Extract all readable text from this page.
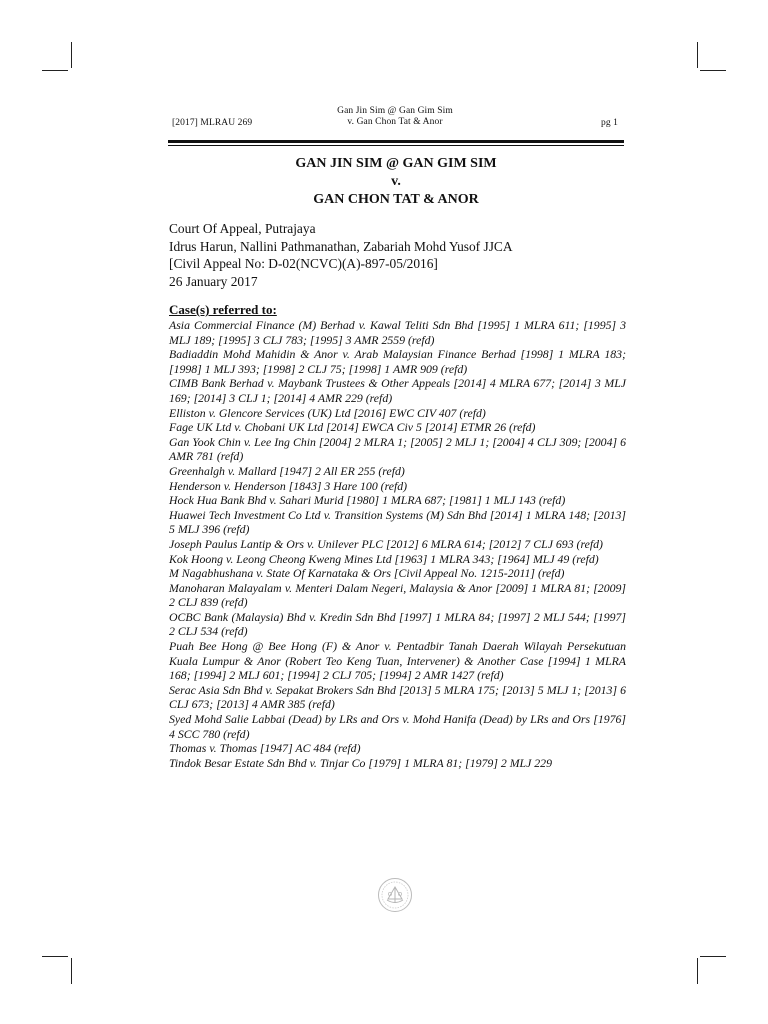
[2017] MLRAU 269
Gan Jin Sim @ Gan Gim Sim
v. Gan Chon Tat & Anor	pg 1
GAN JIN SIM @ GAN GIM SIM
v.
GAN CHON TAT & ANOR
Court Of Appeal, Putrajaya
Idrus Harun, Nallini Pathmanathan, Zabariah Mohd Yusof JJCA
[Civil Appeal No: D-02(NCVC)(A)-897-05/2016]
26 January 2017
Case(s) referred to:
Asia Commercial Finance (M) Berhad v. Kawal Teliti Sdn Bhd [1995] 1 MLRA 611; [1995] 3 MLJ 189; [1995] 3 CLJ 783; [1995] 3 AMR 2559 (refd)
Badiaddin Mohd Mahidin & Anor v. Arab Malaysian Finance Berhad [1998] 1 MLRA 183; [1998] 1 MLJ 393; [1998] 2 CLJ 75; [1998] 1 AMR 909 (refd)
CIMB Bank Berhad v. Maybank Trustees & Other Appeals [2014] 4 MLRA 677; [2014] 3 MLJ 169; [2014] 3 CLJ 1; [2014] 4 AMR 229 (refd)
Elliston v. Glencore Services (UK) Ltd [2016] EWC CIV 407 (refd)
Fage UK Ltd v. Chobani UK Ltd [2014] EWCA Civ 5 [2014] ETMR 26 (refd)
Gan Yook Chin v. Lee Ing Chin [2004] 2 MLRA 1; [2005] 2 MLJ 1; [2004] 4 CLJ 309; [2004] 6 AMR 781 (refd)
Greenhalgh v. Mallard [1947] 2 All ER 255 (refd)
Henderson v. Henderson [1843] 3 Hare 100 (refd)
Hock Hua Bank Bhd v. Sahari Murid [1980] 1 MLRA 687; [1981] 1 MLJ 143 (refd)
Huawei Tech Investment Co Ltd v. Transition Systems (M) Sdn Bhd [2014] 1 MLRA 148; [2013] 5 MLJ 396 (refd)
Joseph Paulus Lantip & Ors v. Unilever PLC [2012] 6 MLRA 614; [2012] 7 CLJ 693 (refd)
Kok Hoong v. Leong Cheong Kweng Mines Ltd [1963] 1 MLRA 343; [1964] MLJ 49 (refd)
M Nagabhushana v. State Of Karnataka & Ors [Civil Appeal No. 1215-2011] (refd)
Manoharan Malayalam v. Menteri Dalam Negeri, Malaysia & Anor [2009] 1 MLRA 81; [2009] 2 CLJ 839 (refd)
OCBC Bank (Malaysia) Bhd v. Kredin Sdn Bhd [1997] 1 MLRA 84; [1997] 2 MLJ 544; [1997] 2 CLJ 534 (refd)
Puah Bee Hong @ Bee Hong (F) & Anor v. Pentadbir Tanah Daerah Wilayah Persekutuan Kuala Lumpur & Anor (Robert Teo Keng Tuan, Intervener) & Another Case [1994] 1 MLRA 168; [1994] 2 MLJ 601; [1994] 2 CLJ 705; [1994] 2 AMR 1427 (refd)
Serac Asia Sdn Bhd v. Sepakat Brokers Sdn Bhd [2013] 5 MLRA 175; [2013] 5 MLJ 1; [2013] 6 CLJ 673; [2013] 4 AMR 385 (refd)
Syed Mohd Salie Labbai (Dead) by LRs and Ors v. Mohd Hanifa (Dead) by LRs and Ors [1976] 4 SCC 780 (refd)
Thomas v. Thomas [1947] AC 484 (refd)
Tindok Besar Estate Sdn Bhd v. Tinjar Co [1979] 1 MLRA 81; [1979] 2 MLJ 229
